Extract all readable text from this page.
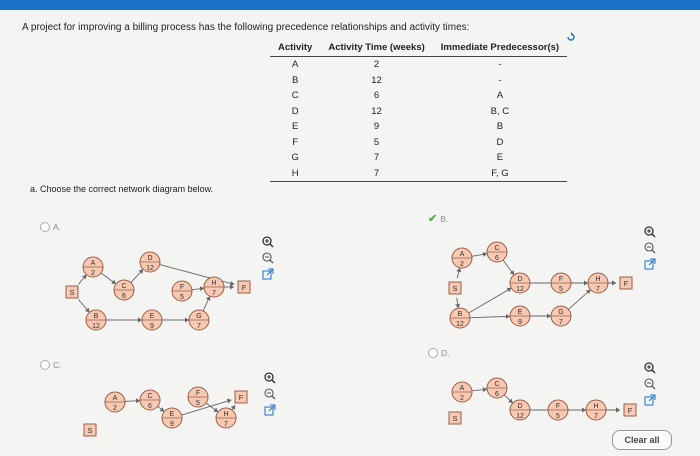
A project for improving a billing process has the following precedence relationships and activity times:
Activity	Activity Time (weeks)	Immediate Predecessor(s)
A	2	-
B	12	-
C	6	A
D	12	B, C
E	9	B
F	5	D
G	7	E
H	7	F, G
a. Choose the correct network diagram below.
A.
✔ B.
C.
D.
S
F
A
2
C
6
D
12
B
12
E
9
F
5
G
7
H
7
S
F
A
2
C
6
B
12
D
12
E
9
F
5
G
7
H
7
S
F
A
2
C
6
E
9
F
5
H
7
S
F
A
2
C
6
D
12
F
5
H
7
Clear all
